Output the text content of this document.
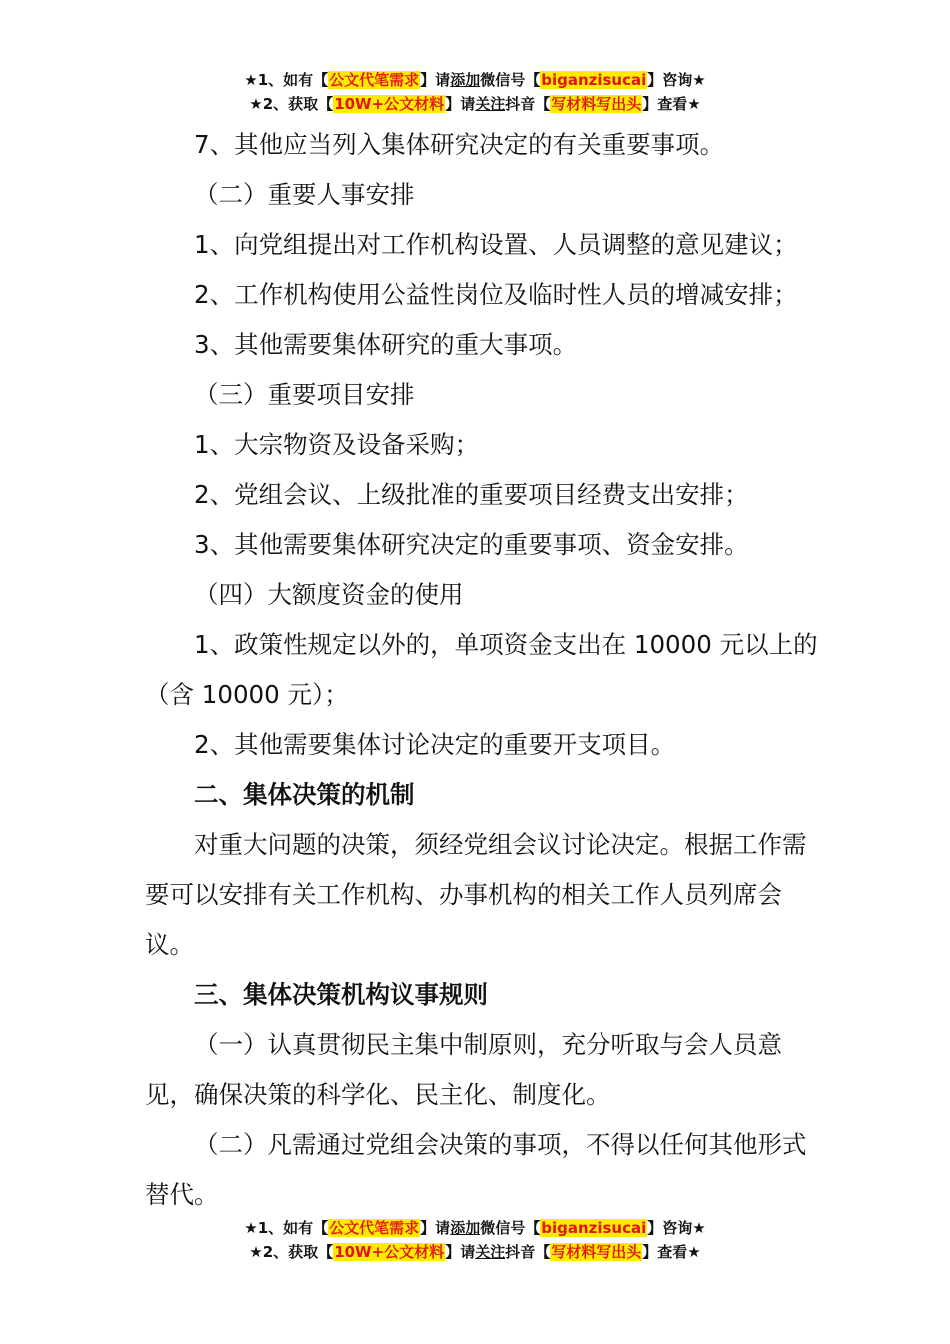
★1、如有【公文代笔需求】请添加微信号【biganzisucai】咨询★
★2、获取【10W+公文材料】请关注抖音【写材料写出头】查看★

7、其他应当列入集体研究决定的有关重要事项。

（二）重要人事安排

1、向党组提出对工作机构设置、人员调整的意见建议；

2、工作机构使用公益性岗位及临时性人员的增减安排；

3、其他需要集体研究的重大事项。

（三）重要项目安排

1、大宗物资及设备采购；

2、党组会议、上级批准的重要项目经费支出安排；

3、其他需要集体研究决定的重要事项、资金安排。

（四）大额度资金的使用

1、政策性规定以外的，单项资金支出在 10000 元以上的（含 10000 元）；

2、其他需要集体讨论决定的重要开支项目。

二、集体决策的机制

对重大问题的决策，须经党组会议讨论决定。根据工作需要可以安排有关工作机构、办事机构的相关工作人员列席会议。

三、集体决策机构议事规则

（一）认真贯彻民主集中制原则，充分听取与会人员意见，确保决策的科学化、民主化、制度化。

（二）凡需通过党组会决策的事项，不得以任何其他形式替代。

★1、如有【公文代笔需求】请添加微信号【biganzisucai】咨询★
★2、获取【10W+公文材料】请关注抖音【写材料写出头】查看★
